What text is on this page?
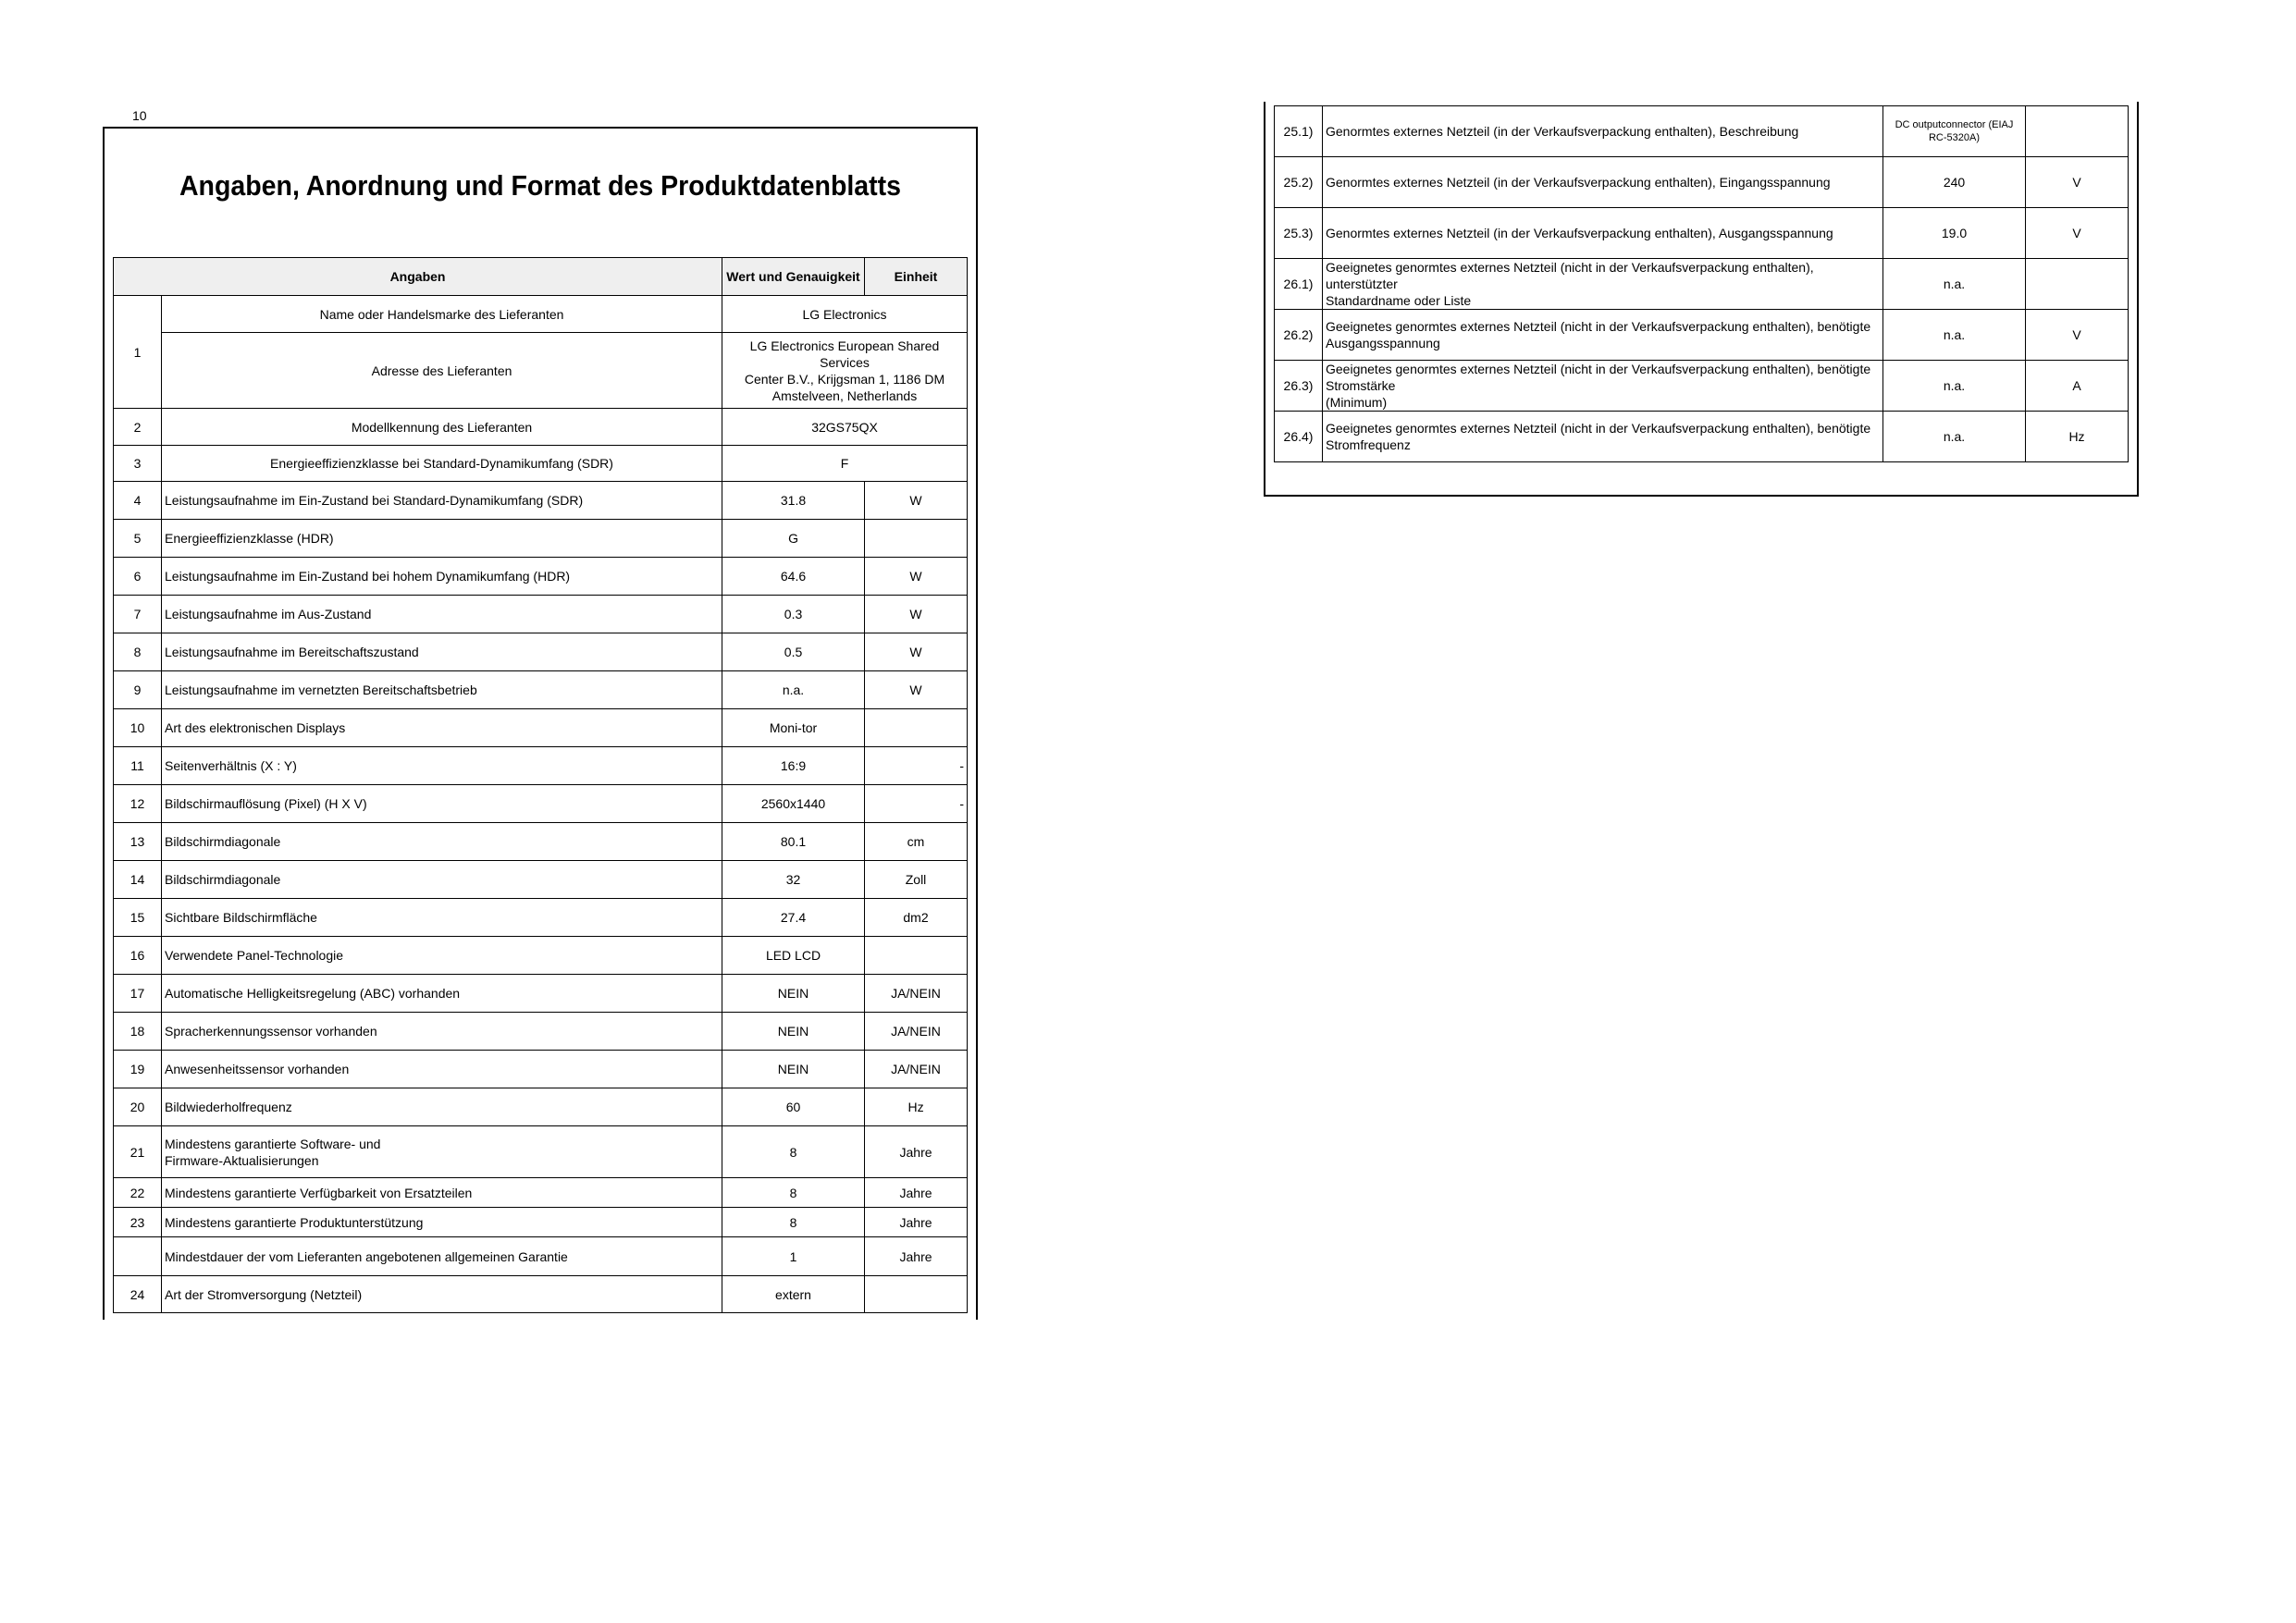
10
Angaben, Anordnung und Format des Produktdatenblatts
Angaben		Wert und Genauigkeit	Einheit
1	Name oder Handelsmarke des Lieferanten	LG Electronics	
	Adresse des Lieferanten	LG Electronics European Shared Services
Center B.V., Krijgsman 1, 1186 DM
Amstelveen, Netherlands	

2	Modellkennung des Lieferanten	32GS75QX	
3	Energieeffizienzklasse bei Standard-Dynamikumfang (SDR)	F	
4	Leistungsaufnahme im Ein-Zustand bei Standard-Dynamikumfang (SDR)	31.8	W
5	Energieeffizienzklasse (HDR)	G	
6	Leistungsaufnahme im Ein-Zustand bei hohem Dynamikumfang (HDR)	64.6	W
7	Leistungsaufnahme im Aus-Zustand	0.3	W
8	Leistungsaufnahme im Bereitschaftszustand	0.5	W
9	Leistungsaufnahme im vernetzten Bereitschaftsbetrieb	n.a.	W
10	Art des elektronischen Displays	Moni-tor	
11	Seitenverhältnis (X : Y)	16:9	-
12	Bildschirmauflösung (Pixel) (H X V)	2560x1440	-
13	Bildschirmdiagonale	80.1	cm
14	Bildschirmdiagonale	32	Zoll
15	Sichtbare Bildschirmfläche	27.4	dm2
16	Verwendete Panel-Technologie	LED LCD	
17	Automatische Helligkeitsregelung (ABC) vorhanden	NEIN	JA/NEIN
18	Spracherkennungssensor vorhanden	NEIN	JA/NEIN
19	Anwesenheitssensor vorhanden	NEIN	JA/NEIN
20	Bildwiederholfrequenz	60	Hz
21	Mindestens garantierte Software- und
Firmware-Aktualisierungen	8	Jahre
22	Mindestens garantierte Verfügbarkeit von Ersatzteilen	8	Jahre
23	Mindestens garantierte Produktunterstützung	8	Jahre
	Mindestdauer der vom Lieferanten angebotenen allgemeinen Garantie	1	Jahre
24	Art der Stromversorgung (Netzteil)	extern	
25.1)	Genormtes externes Netzteil (in der Verkaufsverpackung enthalten), Beschreibung	DC outputconnector (EIAJ RC-5320A)	
25.2)	Genormtes externes Netzteil (in der Verkaufsverpackung enthalten), Eingangsspannung	240	V
25.3)	Genormtes externes Netzteil (in der Verkaufsverpackung enthalten), Ausgangsspannung	19.0	V
26.1)	Geeignetes genormtes externes Netzteil (nicht in der Verkaufsverpackung enthalten), unterstützter
Standardname oder Liste	n.a.	
26.2)	Geeignetes genormtes externes Netzteil (nicht in der Verkaufsverpackung enthalten), benötigte
Ausgangsspannung	n.a.	V
26.3)	Geeignetes genormtes externes Netzteil (nicht in der Verkaufsverpackung enthalten), benötigte Stromstärke
(Minimum)	n.a.	A
26.4)	Geeignetes genormtes externes Netzteil (nicht in der Verkaufsverpackung enthalten), benötigte Stromfrequenz	n.a.	Hz
